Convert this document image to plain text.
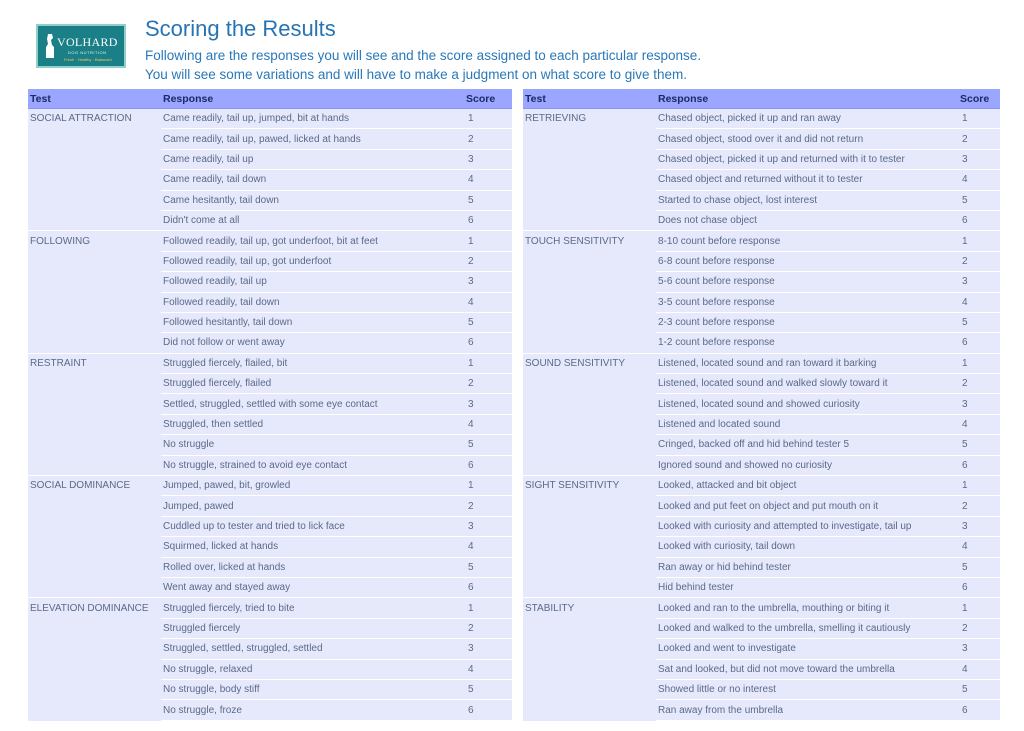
VOLHARD
DOG NUTRITION
Fresh · Healthy · Balanced
Scoring the Results
Following are the responses you will see and the score assigned to each particular response.
You will see some variations and will have to make a judgment on what score to give them.
Test	Response	Score
SOCIAL ATTRACTION	Came readily, tail up, jumped, bit at hands	1
	Came readily, tail up, pawed, licked at hands	2
	Came readily, tail up	3
	Came readily, tail down	4
	Came hesitantly, tail down	5
	Didn't come at all	6
FOLLOWING	Followed readily, tail up, got underfoot, bit at feet	1
	Followed readily, tail up, got underfoot	2
	Followed readily, tail up	3
	Followed readily, tail down	4
	Followed hesitantly, tail down	5
	Did not follow or went away	6
RESTRAINT	Struggled fiercely, flailed, bit	1
	Struggled fiercely, flailed	2
	Settled, struggled, settled with some eye contact	3
	Struggled, then settled	4
	No struggle	5
	No struggle, strained to avoid eye contact	6
SOCIAL DOMINANCE	Jumped, pawed, bit, growled	1
	Jumped, pawed	2
	Cuddled up to tester and tried to lick face	3
	Squirmed, licked at hands	4
	Rolled over, licked at hands	5
	Went away and stayed away	6
ELEVATION DOMINANCE	Struggled fiercely, tried to bite	1
	Struggled fiercely	2
	Struggled, settled, struggled, settled	3
	No struggle, relaxed	4
	No struggle, body stiff	5
	No struggle, froze	6
Test	Response	Score
RETRIEVING	Chased object, picked it up and ran away	1
	Chased object, stood over it and did not return	2
	Chased object, picked it up and returned with it to tester	3
	Chased object and returned without it to tester	4
	Started to chase object, lost interest	5
	Does not chase object	6
TOUCH SENSITIVITY	8-10 count before response	1
	6-8 count before response	2
	5-6 count before response	3
	3-5 count before response	4
	2-3 count before response	5
	1-2 count before response	6
SOUND SENSITIVITY	Listened, located sound and ran toward it barking	1
	Listened, located sound and walked slowly toward it	2
	Listened, located sound and showed curiosity	3
	Listened and located sound	4
	Cringed, backed off and hid behind tester 5	5
	Ignored sound and showed no curiosity	6
SIGHT SENSITIVITY	Looked, attacked and bit object	1
	Looked and put feet on object and put mouth on it	2
	Looked with curiosity and attempted to investigate, tail up	3
	Looked with curiosity, tail down	4
	Ran away or hid behind tester	5
	Hid behind tester	6
STABILITY	Looked and ran to the umbrella, mouthing or biting it	1
	Looked and walked to the umbrella, smelling it cautiously	2
	Looked and went to investigate	3
	Sat and looked, but did not move toward the umbrella	4
	Showed little or no interest	5
	Ran away from the umbrella	6
